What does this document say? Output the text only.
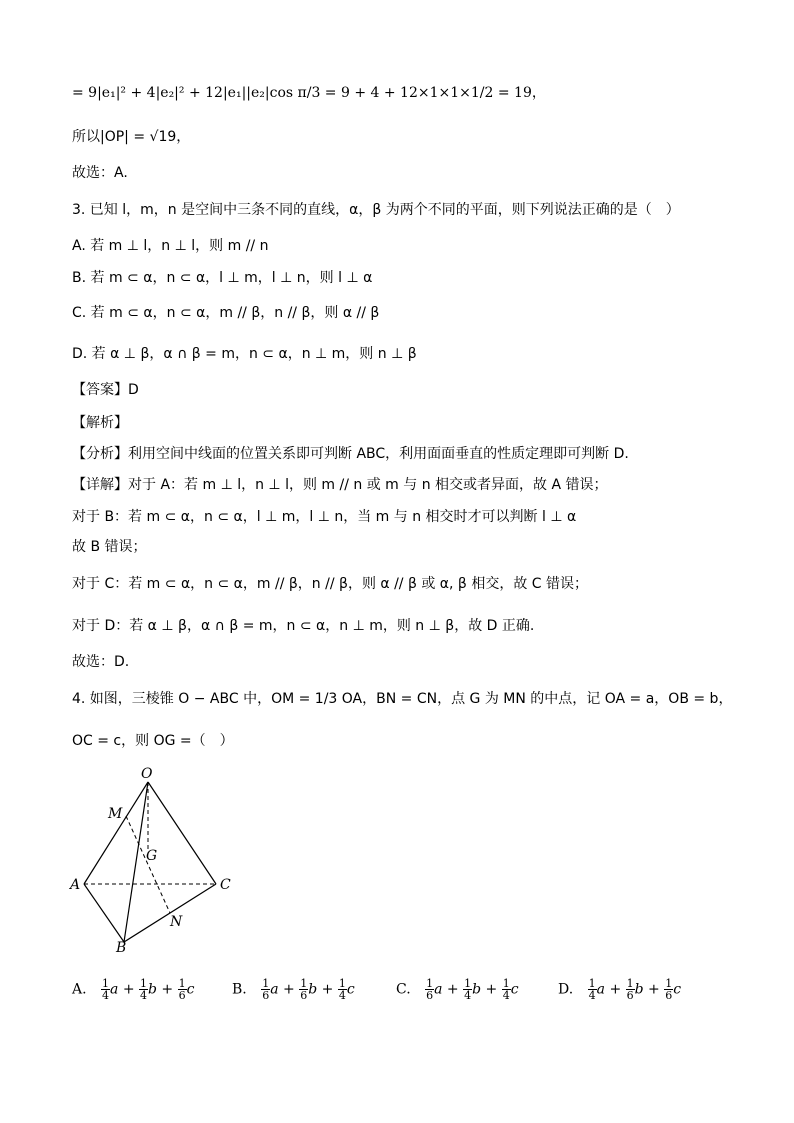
= 9|e₁|² + 4|e₂|² + 12|e₁||e₂|cos π/3 = 9 + 4 + 12×1×1×1/2 = 19，
所以|OP| = √19，
故选：A.
3. 已知 l，m，n 是空间中三条不同的直线，α，β 为两个不同的平面，则下列说法正确的是（　）
A. 若 m ⊥ l，n ⊥ l，则 m // n
B. 若 m ⊂ α，n ⊂ α，l ⊥ m，l ⊥ n，则 l ⊥ α
C. 若 m ⊂ α，n ⊂ α，m // β，n // β，则 α // β
D. 若 α ⊥ β，α ∩ β = m，n ⊂ α，n ⊥ m，则 n ⊥ β
【答案】D
【解析】
【分析】利用空间中线面的位置关系即可判断 ABC，利用面面垂直的性质定理即可判断 D.
【详解】对于 A：若 m ⊥ l，n ⊥ l，则 m // n 或 m 与 n 相交或者异面，故 A 错误；
对于 B：若 m ⊂ α，n ⊂ α，l ⊥ m，l ⊥ n，当 m 与 n 相交时才可以判断 l ⊥ α
故 B 错误；
对于 C：若 m ⊂ α，n ⊂ α，m // β，n // β，则 α // β 或 α, β 相交，故 C 错误；
对于 D：若 α ⊥ β，α ∩ β = m，n ⊂ α，n ⊥ m，则 n ⊥ β，故 D 正确.
故选：D.
4. 如图，三棱锥 O − ABC 中，OM = 1/3 OA，BN = CN，点 G 为 MN 的中点，记 OA = a，OB = b，
OC = c，则 OG =（　）
O
M
G
A	C
N
B
A. $\frac{1}{4}$ $a + \frac{1}{4}$ $b + \frac{1}{6}$ c	B. $\frac{1}{6}$ $a + \frac{1}{6}$ $b + \frac{1}{4}$ c	C. $\frac{1}{6}$ $a + \frac{1}{4}$ $b + \frac{1}{4}$ c	D. $\frac{1}{4}$ $a + \frac{1}{6}$ $b + \frac{1}{6}$ c
